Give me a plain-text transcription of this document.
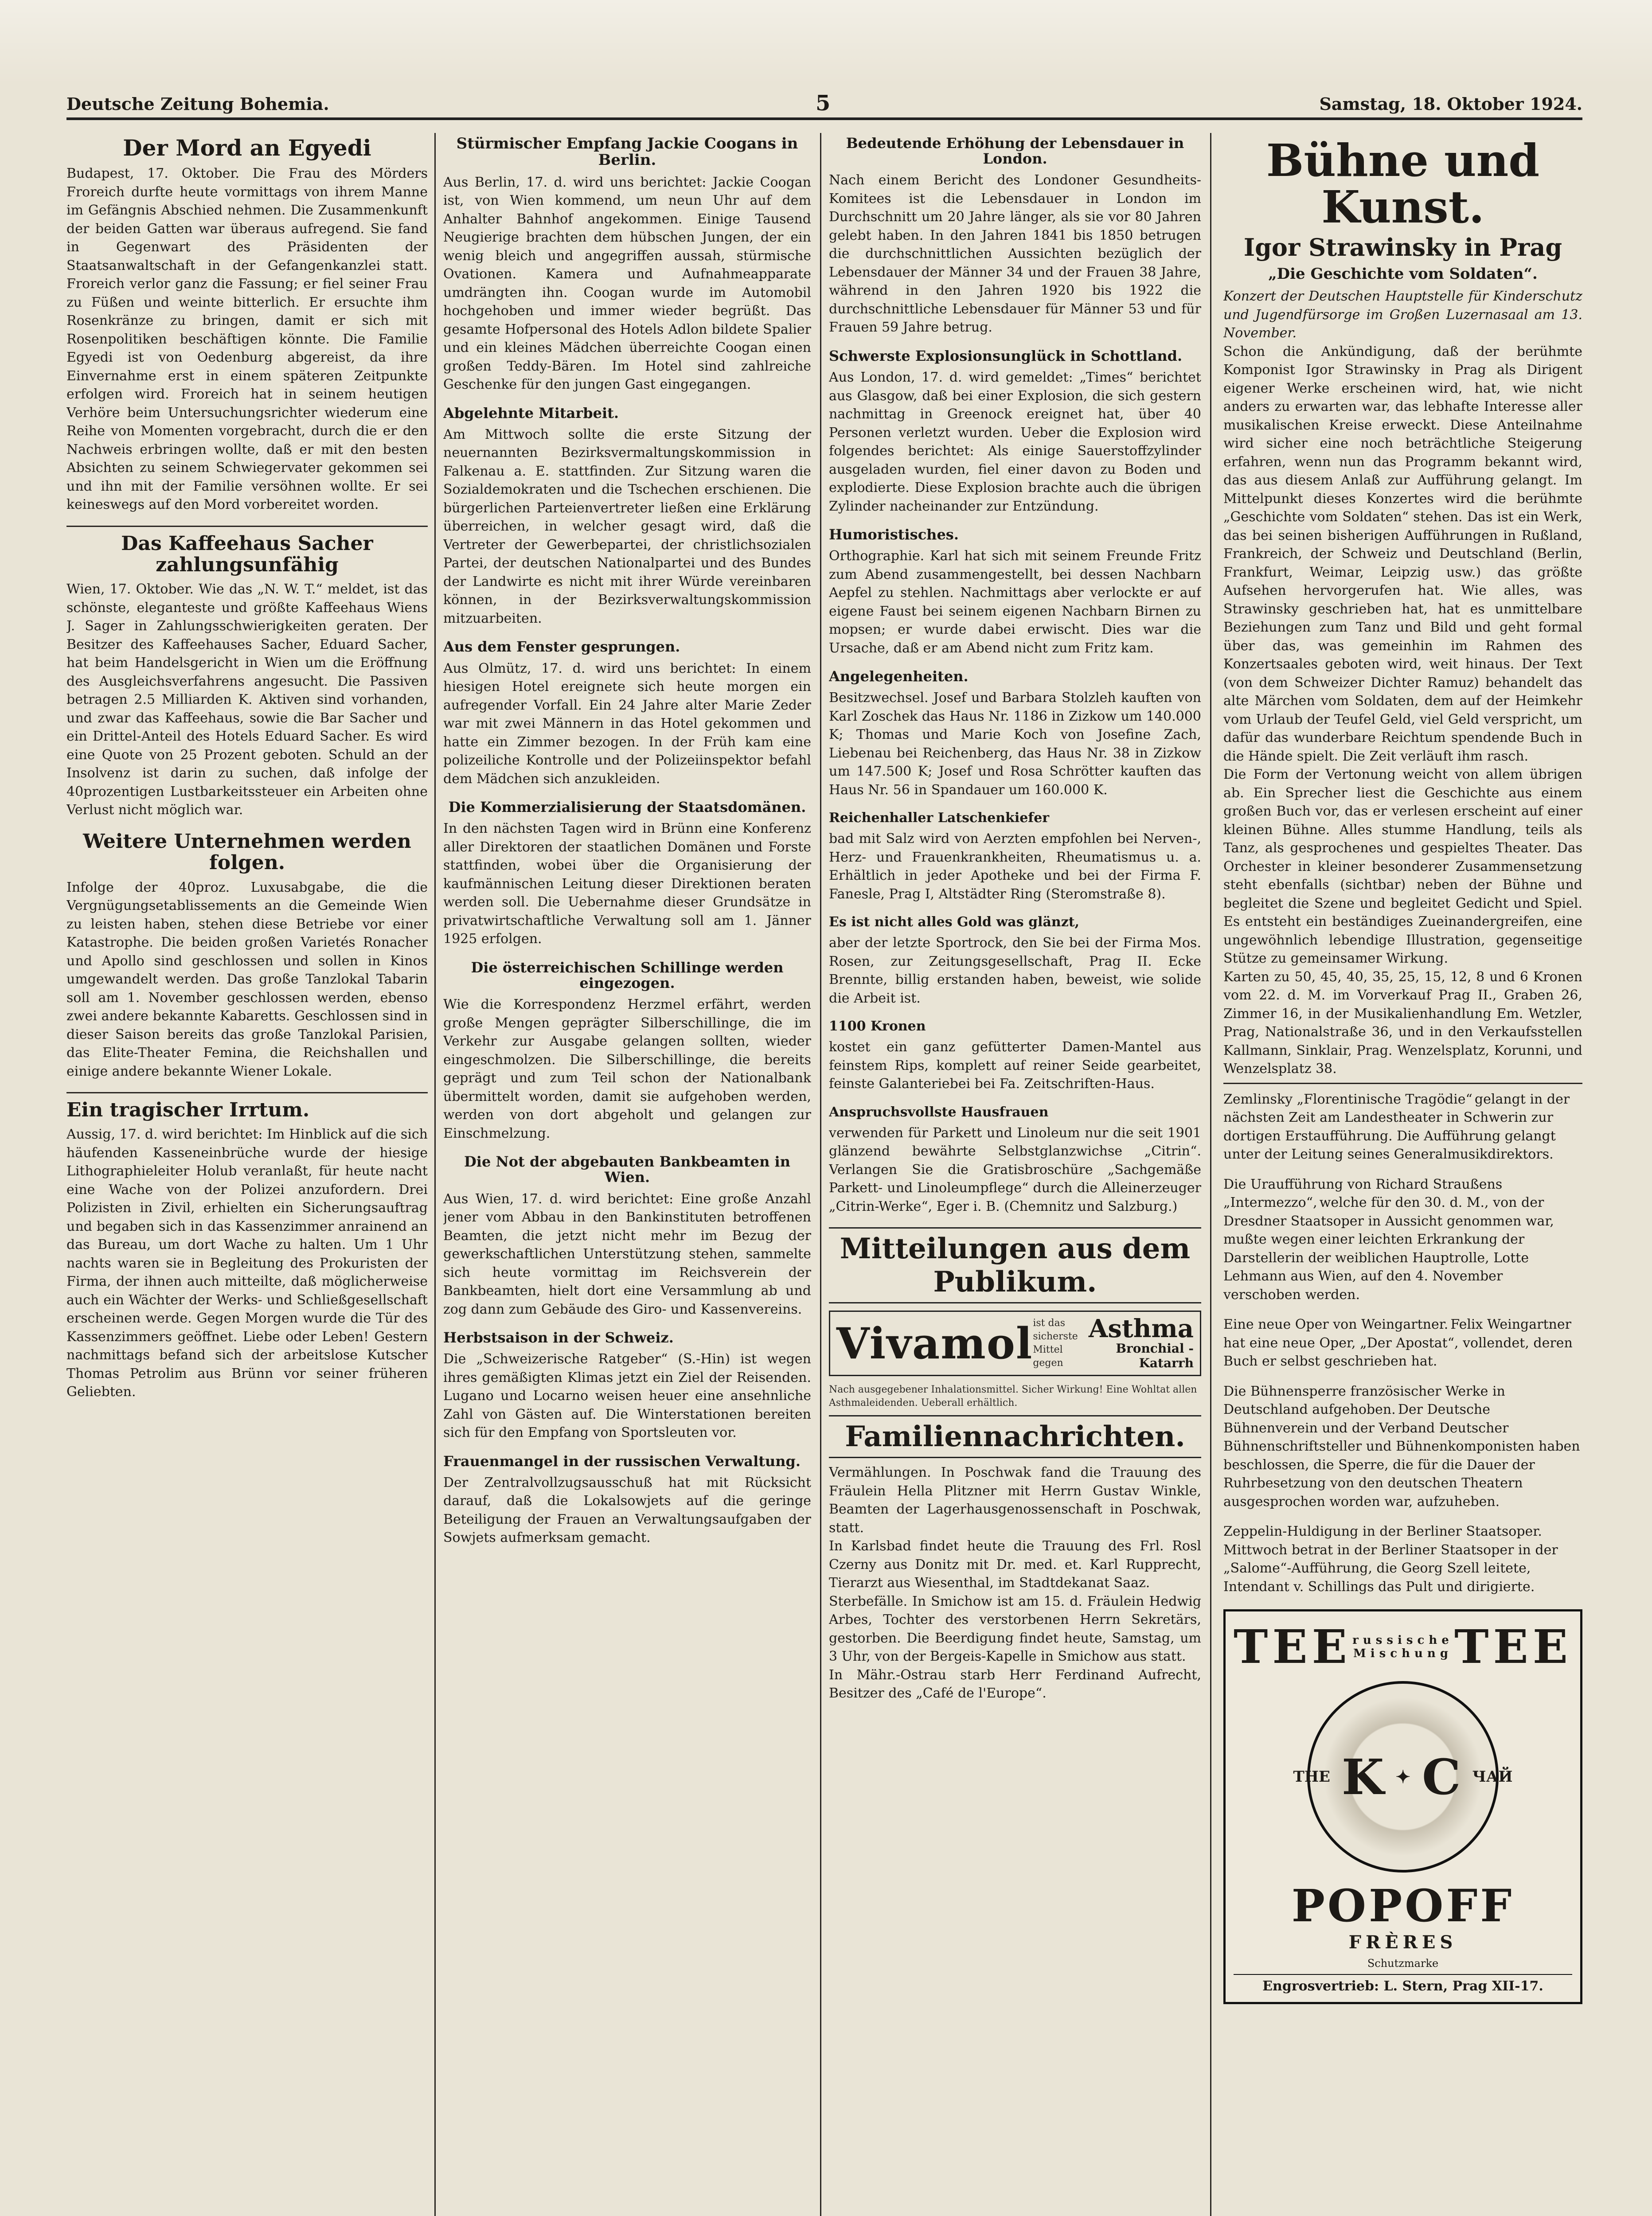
Deutsche Zeitung Bohemia.	5	Samstag, 18. Oktober 1924.
Der Mord an Egyedi
Budapest, 17. Oktober. Die Frau des Mörders Froreich durfte heute vormittags von ihrem Manne im Gefängnis Abschied nehmen. Die Zusammenkunft der beiden Gatten war überaus aufregend. Sie fand in Gegenwart des Präsidenten der Staatsanwaltschaft in der Gefangenkanzlei statt. Froreich verlor ganz die Fassung; er fiel seiner Frau zu Füßen und weinte bitterlich. Er ersuchte ihm Rosenkränze zu bringen, damit er sich mit Rosenpolitiken beschäftigen könnte. Die Familie Egyedi ist von Oedenburg abgereist, da ihre Einvernahme erst in einem späteren Zeitpunkte erfolgen wird. Froreich hat in seinem heutigen Verhöre beim Untersuchungsrichter wiederum eine Reihe von Momenten vorgebracht, durch die er den Nachweis erbringen wollte, daß er mit den besten Absichten zu seinem Schwiegervater gekommen sei und ihn mit der Familie versöhnen wollte. Er sei keineswegs auf den Mord vorbereitet worden.
Das Kaffeehaus Sacher zahlungsunfähig
Wien, 17. Oktober. Wie das „N. W. T.“ meldet, ist das schönste, eleganteste und größte Kaffeehaus Wiens J. Sager in Zahlungsschwierigkeiten geraten. Der Besitzer des Kaffeehauses Sacher, Eduard Sacher, hat beim Handelsgericht in Wien um die Eröffnung des Ausgleichsverfahrens angesucht. Die Passiven betragen 2.5 Milliarden K. Aktiven sind vorhanden, und zwar das Kaffeehaus, sowie die Bar Sacher und ein Drittel-Anteil des Hotels Eduard Sacher. Es wird eine Quote von 25 Prozent geboten. Schuld an der Insolvenz ist darin zu suchen, daß infolge der 40prozentigen Lustbarkeitssteuer ein Arbeiten ohne Verlust nicht möglich war.
Weitere Unternehmen werden folgen.
Infolge der 40proz. Luxusabgabe, die die Vergnügungsetablissements an die Gemeinde Wien zu leisten haben, stehen diese Betriebe vor einer Katastrophe. Die beiden großen Varietés Ronacher und Apollo sind geschlossen und sollen in Kinos umgewandelt werden. Das große Tanzlokal Tabarin soll am 1. November geschlossen werden, ebenso zwei andere bekannte Kabaretts. Geschlossen sind in dieser Saison bereits das große Tanzlokal Parisien, das Elite-Theater Femina, die Reichshallen und einige andere bekannte Wiener Lokale.
Ein tragischer Irrtum.
Aussig, 17. d. wird berichtet: Im Hinblick auf die sich häufenden Kasseneinbrüche wurde der hiesige Lithographieleiter Holub veranlaßt, für heute nacht eine Wache von der Polizei anzufordern. Drei Polizisten in Zivil, erhielten ein Sicherungsauftrag und begaben sich in das Kassenzimmer anrainend an das Bureau, um dort Wache zu halten. Um 1 Uhr nachts waren sie in Begleitung des Prokuristen der Firma, der ihnen auch mitteilte, daß möglicherweise auch ein Wächter der Werks- und Schließgesellschaft erscheinen werde. Gegen Morgen wurde die Tür des Kassenzimmers geöffnet. Liebe oder Leben! Gestern nachmittags befand sich der arbeitslose Kutscher Thomas Petrolim aus Brünn vor seiner früheren Geliebten.
Stürmischer Empfang Jackie Coogans in Berlin.
Aus Berlin, 17. d. wird uns berichtet: Jackie Coogan ist, von Wien kommend, um neun Uhr auf dem Anhalter Bahnhof angekommen. Einige Tausend Neugierige brachten dem hübschen Jungen, der ein wenig bleich und angegriffen aussah, stürmische Ovationen. Kamera und Aufnahmeapparate umdrängten ihn. Coogan wurde im Automobil hochgehoben und immer wieder begrüßt. Das gesamte Hofpersonal des Hotels Adlon bildete Spalier und ein kleines Mädchen überreichte Coogan einen großen Teddy-Bären. Im Hotel sind zahlreiche Geschenke für den jungen Gast eingegangen.
Abgelehnte Mitarbeit.
Am Mittwoch sollte die erste Sitzung der neuernannten Bezirksvermaltungskommission in Falkenau a. E. stattfinden. Zur Sitzung waren die Sozialdemokraten und die Tschechen erschienen. Die bürgerlichen Parteienvertreter ließen eine Erklärung überreichen, in welcher gesagt wird, daß die Vertreter der Gewerbepartei, der christlichsozialen Partei, der deutschen Nationalpartei und des Bundes der Landwirte es nicht mit ihrer Würde vereinbaren können, in der Bezirksverwaltungskommission mitzuarbeiten.
Aus dem Fenster gesprungen.
Aus Olmütz, 17. d. wird uns berichtet: In einem hiesigen Hotel ereignete sich heute morgen ein aufregender Vorfall. Ein 24 Jahre alter Marie Zeder war mit zwei Männern in das Hotel gekommen und hatte ein Zimmer bezogen. In der Früh kam eine polizeiliche Kontrolle und der Polizeiinspektor befahl dem Mädchen sich anzukleiden.
Die Kommerzialisierung der Staatsdomänen.
In den nächsten Tagen wird in Brünn eine Konferenz aller Direktoren der staatlichen Domänen und Forste stattfinden, wobei über die Organisierung der kaufmännischen Leitung dieser Direktionen beraten werden soll. Die Uebernahme dieser Grundsätze in privatwirtschaftliche Verwaltung soll am 1. Jänner 1925 erfolgen.
Die österreichischen Schillinge werden eingezogen.
Wie die Korrespondenz Herzmel erfährt, werden große Mengen geprägter Silberschillinge, die im Verkehr zur Ausgabe gelangen sollten, wieder eingeschmolzen. Die Silberschillinge, die bereits geprägt und zum Teil schon der Nationalbank übermittelt worden, damit sie aufgehoben werden, werden von dort abgeholt und gelangen zur Einschmelzung.
Die Not der abgebauten Bankbeamten in Wien.
Aus Wien, 17. d. wird berichtet: Eine große Anzahl jener vom Abbau in den Bankinstituten betroffenen Beamten, die jetzt nicht mehr im Bezug der gewerkschaftlichen Unterstützung stehen, sammelte sich heute vormittag im Reichsverein der Bankbeamten, hielt dort eine Versammlung ab und zog dann zum Gebäude des Giro- und Kassenvereins.
Herbstsaison in der Schweiz.
Die „Schweizerische Ratgeber“ (S.-Hin) ist wegen ihres gemäßigten Klimas jetzt ein Ziel der Reisenden. Lugano und Locarno weisen heuer eine ansehnliche Zahl von Gästen auf. Die Winterstationen bereiten sich für den Empfang von Sportsleuten vor.
Frauenmangel in der russischen Verwaltung.
Der Zentralvollzugsausschuß hat mit Rücksicht darauf, daß die Lokalsowjets auf die geringe Beteiligung der Frauen an Verwaltungsaufgaben der Sowjets aufmerksam gemacht.
Bedeutende Erhöhung der Lebensdauer in London.
Nach einem Bericht des Londoner Gesundheits-Komitees ist die Lebensdauer in London im Durchschnitt um 20 Jahre länger, als sie vor 80 Jahren gelebt haben. In den Jahren 1841 bis 1850 betrugen die durchschnittlichen Aussichten bezüglich der Lebensdauer der Männer 34 und der Frauen 38 Jahre, während in den Jahren 1920 bis 1922 die durchschnittliche Lebensdauer für Männer 53 und für Frauen 59 Jahre betrug.
Schwerste Explosionsunglück in Schottland.
Aus London, 17. d. wird gemeldet: „Times“ berichtet aus Glasgow, daß bei einer Explosion, die sich gestern nachmittag in Greenock ereignet hat, über 40 Personen verletzt wurden. Ueber die Explosion wird folgendes berichtet: Als einige Sauerstoffzylinder ausgeladen wurden, fiel einer davon zu Boden und explodierte. Diese Explosion brachte auch die übrigen Zylinder nacheinander zur Entzündung.
Humoristisches.
Orthographie. Karl hat sich mit seinem Freunde Fritz zum Abend zusammengestellt, bei dessen Nachbarn Aepfel zu stehlen. Nachmittags aber verlockte er auf eigene Faust bei seinem eigenen Nachbarn Birnen zu mopsen; er wurde dabei erwischt. Dies war die Ursache, daß er am Abend nicht zum Fritz kam.
Angelegenheiten.
Besitzwechsel. Josef und Barbara Stolzleh kauften von Karl Zoschek das Haus Nr. 1186 in Zizkow um 140.000 K; Thomas und Marie Koch von Josefine Zach, Liebenau bei Reichenberg, das Haus Nr. 38 in Zizkow um 147.500 K; Josef und Rosa Schrötter kauften das Haus Nr. 56 in Spandauer um 160.000 K.
Reichenhaller Latschenkiefer
bad mit Salz wird von Aerzten empfohlen bei Nerven-, Herz- und Frauenkrankheiten, Rheumatismus u. a. Erhältlich in jeder Apotheke und bei der Firma F. Fanesle, Prag I, Altstädter Ring (Steromstraße 8).
Es ist nicht alles Gold was glänzt,
aber der letzte Sportrock, den Sie bei der Firma Mos. Rosen, zur Zeitungsgesellschaft, Prag II. Ecke Brennte, billig erstanden haben, beweist, wie solide die Arbeit ist.
1100 Kronen
kostet ein ganz gefütterter Damen-Mantel aus feinstem Rips, komplett auf reiner Seide gearbeitet, feinste Galanteriebei bei Fa. Zeitschriften-Haus.
Anspruchsvollste Hausfrauen
verwenden für Parkett und Linoleum nur die seit 1901 glänzend bewährte Selbstglanzwichse „Citrin“. Verlangen Sie die Gratisbroschüre „Sachgemäße Parkett- und Linoleumpflege“ durch die Alleinerzeuger „Citrin-Werke“, Eger i. B. (Chemnitz und Salzburg.)
Mitteilungen aus dem Publikum.
Vivamol ist das sicherste Mittel gegen
Asthma
Bronchial - Katarrh
Nach ausgegebener Inhalationsmittel. Sicher Wirkung! Eine Wohltat allen Asthmaleidenden. Ueberall erhältlich.
Familiennachrichten.
Vermählungen. In Poschwak fand die Trauung des Fräulein Hella Plitzner mit Herrn Gustav Winkle, Beamten der Lagerhausgenossenschaft in Poschwak, statt.
In Karlsbad findet heute die Trauung des Frl. Rosl Czerny aus Donitz mit Dr. med. et. Karl Rupprecht, Tierarzt aus Wiesenthal, im Stadtdekanat Saaz.
Sterbefälle. In Smichow ist am 15. d. Fräulein Hedwig Arbes, Tochter des verstorbenen Herrn Sekretärs, gestorben. Die Beerdigung findet heute, Samstag, um 3 Uhr, von der Bergeis-Kapelle in Smichow aus statt.
In Mähr.-Ostrau starb Herr Ferdinand Aufrecht, Besitzer des „Café de l'Europe“.
Bühne und Kunst.
Igor Strawinsky in Prag
„Die Geschichte vom Soldaten“.
Konzert der Deutschen Hauptstelle für Kinderschutz und Jugendfürsorge im Großen Luzernasaal am 13. November.
Schon die Ankündigung, daß der berühmte Komponist Igor Strawinsky in Prag als Dirigent eigener Werke erscheinen wird, hat, wie nicht anders zu erwarten war, das lebhafte Interesse aller musikalischen Kreise erweckt. Diese Anteilnahme wird sicher eine noch beträchtliche Steigerung erfahren, wenn nun das Programm bekannt wird, das aus diesem Anlaß zur Aufführung gelangt. Im Mittelpunkt dieses Konzertes wird die berühmte „Geschichte vom Soldaten“ stehen. Das ist ein Werk, das bei seinen bisherigen Aufführungen in Rußland, Frankreich, der Schweiz und Deutschland (Berlin, Frankfurt, Weimar, Leipzig usw.) das größte Aufsehen hervorgerufen hat. Wie alles, was Strawinsky geschrieben hat, hat es unmittelbare Beziehungen zum Tanz und Bild und geht formal über das, was gemeinhin im Rahmen des Konzertsaales geboten wird, weit hinaus. Der Text (von dem Schweizer Dichter Ramuz) behandelt das alte Märchen vom Soldaten, dem auf der Heimkehr vom Urlaub der Teufel Geld, viel Geld verspricht, um dafür das wunderbare Reichtum spendende Buch in die Hände spielt. Die Zeit verläuft ihm rasch.
Die Form der Vertonung weicht von allem übrigen ab. Ein Sprecher liest die Geschichte aus einem großen Buch vor, das er verlesen erscheint auf einer kleinen Bühne. Alles stumme Handlung, teils als Tanz, als gesprochenes und gespieltes Theater. Das Orchester in kleiner besonderer Zusammensetzung steht ebenfalls (sichtbar) neben der Bühne und begleitet die Szene und begleitet Gedicht und Spiel. Es entsteht ein beständiges Zueinandergreifen, eine ungewöhnlich lebendige Illustration, gegenseitige Stütze zu gemeinsamer Wirkung.
Karten zu 50, 45, 40, 35, 25, 15, 12, 8 und 6 Kronen vom 22. d. M. im Vorverkauf Prag II., Graben 26, Zimmer 16, in der Musikalienhandlung Em. Wetzler, Prag, Nationalstraße 36, und in den Verkaufsstellen Kallmann, Sinklair, Prag. Wenzelsplatz, Korunni, und Wenzelsplatz 38.
Zemlinsky „Florentinische Tragödie“ gelangt in der nächsten Zeit am Landestheater in Schwerin zur dortigen Erstaufführung. Die Aufführung gelangt unter der Leitung seines Generalmusikdirektors.
Die Uraufführung von Richard Straußens „Intermezzo“, welche für den 30. d. M., von der Dresdner Staatsoper in Aussicht genommen war, mußte wegen einer leichten Erkrankung der Darstellerin der weiblichen Hauptrolle, Lotte Lehmann aus Wien, auf den 4. November verschoben werden.
Eine neue Oper von Weingartner. Felix Weingartner hat eine neue Oper, „Der Apostat“, vollendet, deren Buch er selbst geschrieben hat.
Die Bühnensperre französischer Werke in Deutschland aufgehoben. Der Deutsche Bühnenverein und der Verband Deutscher Bühnenschriftsteller und Bühnenkomponisten haben beschlossen, die Sperre, die für die Dauer der Ruhrbesetzung von den deutschen Theatern ausgesprochen worden war, aufzuheben.
Zeppelin-Huldigung in der Berliner Staatsoper. Mittwoch betrat in der Berliner Staatsoper in der „Salome“-Aufführung, die Georg Szell leitete, Intendant v. Schillings das Pult und dirigierte.
TEE russische Mischung TEE
THE K ✦ C ЧАЙ
POPOFF
FRÈRES
Schutzmarke
Engrosvertrieb: L. Stern, Prag XII-17.
